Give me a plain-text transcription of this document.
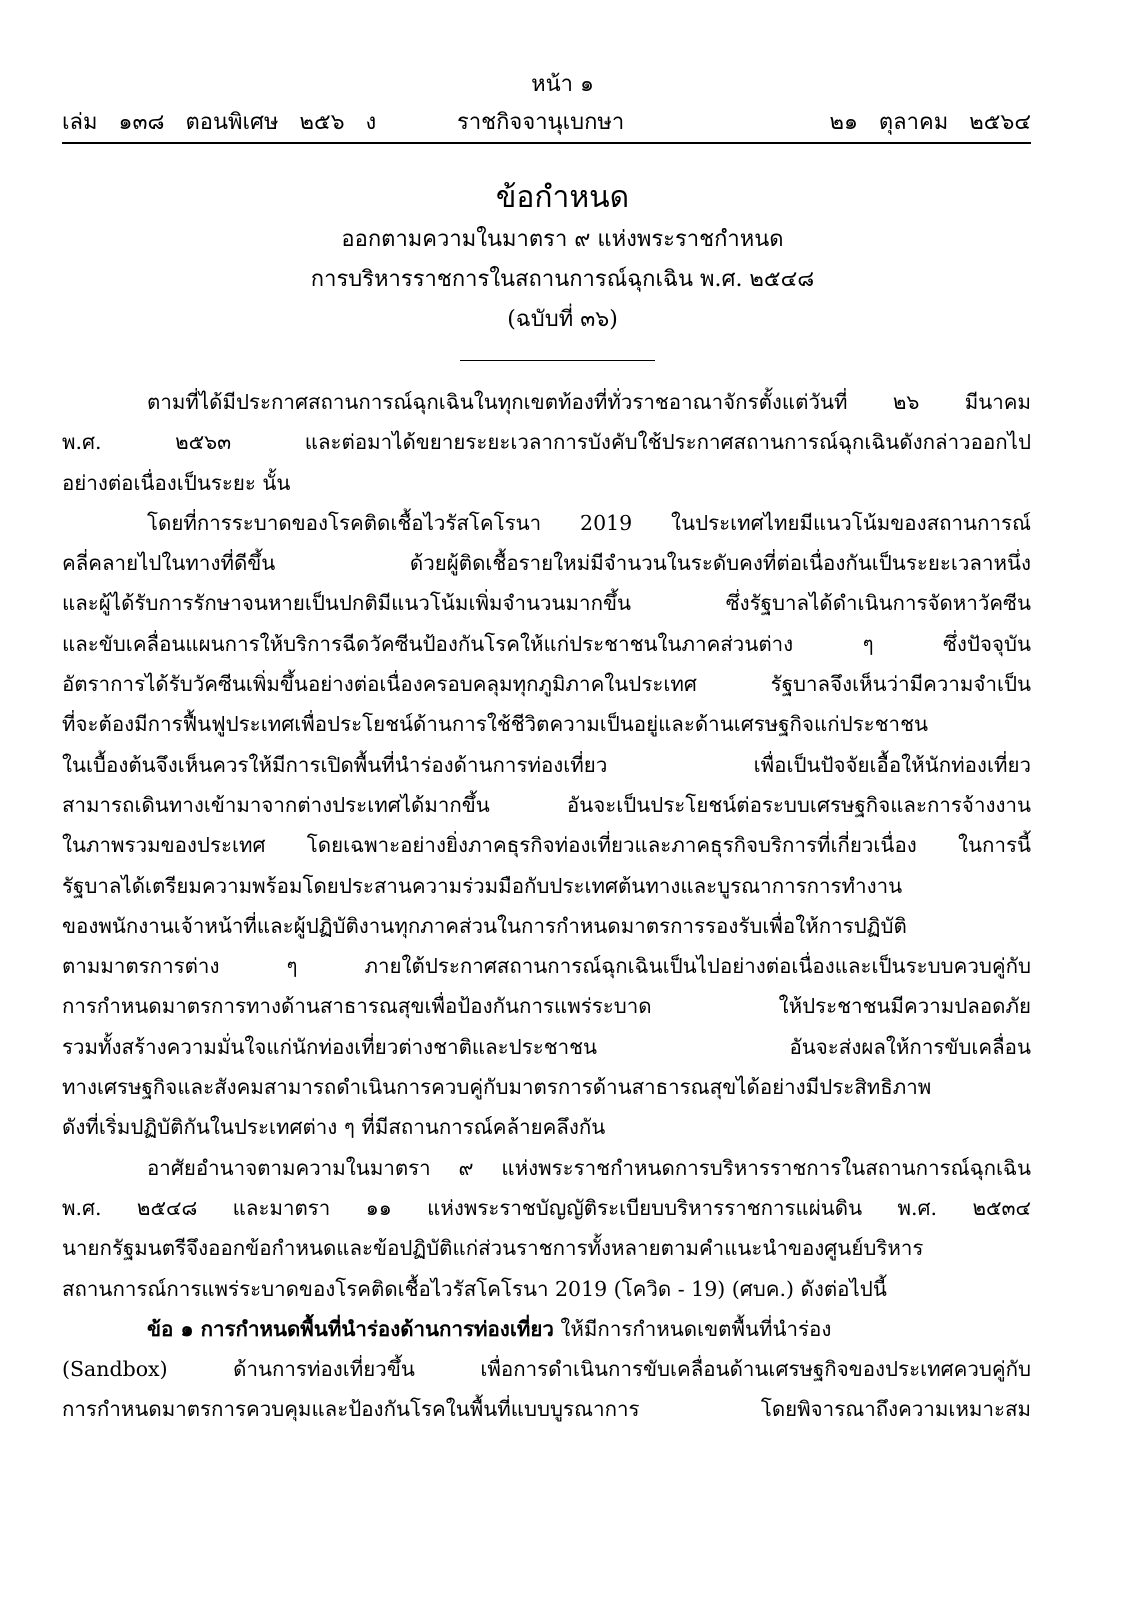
หน้า ๑
เล่ม   ๑๓๘   ตอนพิเศษ   ๒๕๖   ง	ราชกิจจานุเบกษา	๒๑   ตุลาคม   ๒๕๖๔
ข้อกำหนด
ออกตามความในมาตรา ๙ แห่งพระราชกำหนด
การบริหารราชการในสถานการณ์ฉุกเฉิน พ.ศ. ๒๕๔๘
(ฉบับที่ ๓๖)
ตามที่ได้มีประกาศสถานการณ์ฉุกเฉินในทุกเขตท้องที่ทั่วราชอาณาจักรตั้งแต่วันที่ ๒๖ มีนาคม
พ.ศ. ๒๕๖๓ และต่อมาได้ขยายระยะเวลาการบังคับใช้ประกาศสถานการณ์ฉุกเฉินดังกล่าวออกไป
อย่างต่อเนื่องเป็นระยะ นั้น
โดยที่การระบาดของโรคติดเชื้อไวรัสโคโรนา 2019 ในประเทศไทยมีแนวโน้มของสถานการณ์
คลี่คลายไปในทางที่ดีขึ้น ด้วยผู้ติดเชื้อรายใหม่มีจำนวนในระดับคงที่ต่อเนื่องกันเป็นระยะเวลาหนึ่ง
และผู้ได้รับการรักษาจนหายเป็นปกติมีแนวโน้มเพิ่มจำนวนมากขึ้น ซึ่งรัฐบาลได้ดำเนินการจัดหาวัคซีน
และขับเคลื่อนแผนการให้บริการฉีดวัคซีนป้องกันโรคให้แก่ประชาชนในภาคส่วนต่าง ๆ ซึ่งปัจจุบัน
อัตราการได้รับวัคซีนเพิ่มขึ้นอย่างต่อเนื่องครอบคลุมทุกภูมิภาคในประเทศ รัฐบาลจึงเห็นว่ามีความจำเป็น
ที่จะต้องมีการฟื้นฟูประเทศเพื่อประโยชน์ด้านการใช้ชีวิตความเป็นอยู่และด้านเศรษฐกิจแก่ประชาชน
ในเบื้องต้นจึงเห็นควรให้มีการเปิดพื้นที่นำร่องด้านการท่องเที่ยว เพื่อเป็นปัจจัยเอื้อให้นักท่องเที่ยว
สามารถเดินทางเข้ามาจากต่างประเทศได้มากขึ้น อันจะเป็นประโยชน์ต่อระบบเศรษฐกิจและการจ้างงาน
ในภาพรวมของประเทศ โดยเฉพาะอย่างยิ่งภาคธุรกิจท่องเที่ยวและภาคธุรกิจบริการที่เกี่ยวเนื่อง ในการนี้
รัฐบาลได้เตรียมความพร้อมโดยประสานความร่วมมือกับประเทศต้นทางและบูรณาการการทำงาน
ของพนักงานเจ้าหน้าที่และผู้ปฏิบัติงานทุกภาคส่วนในการกำหนดมาตรการรองรับเพื่อให้การปฏิบัติ
ตามมาตรการต่าง ๆ ภายใต้ประกาศสถานการณ์ฉุกเฉินเป็นไปอย่างต่อเนื่องและเป็นระบบควบคู่กับ
การกำหนดมาตรการทางด้านสาธารณสุขเพื่อป้องกันการแพร่ระบาด ให้ประชาชนมีความปลอดภัย
รวมทั้งสร้างความมั่นใจแก่นักท่องเที่ยวต่างชาติและประชาชน อันจะส่งผลให้การขับเคลื่อน
ทางเศรษฐกิจและสังคมสามารถดำเนินการควบคู่กับมาตรการด้านสาธารณสุขได้อย่างมีประสิทธิภาพ
ดังที่เริ่มปฏิบัติกันในประเทศต่าง ๆ ที่มีสถานการณ์คล้ายคลึงกัน
อาศัยอำนาจตามความในมาตรา ๙ แห่งพระราชกำหนดการบริหารราชการในสถานการณ์ฉุกเฉิน
พ.ศ. ๒๕๔๘ และมาตรา ๑๑ แห่งพระราชบัญญัติระเบียบบริหารราชการแผ่นดิน พ.ศ. ๒๕๓๔
นายกรัฐมนตรีจึงออกข้อกำหนดและข้อปฏิบัติแก่ส่วนราชการทั้งหลายตามคำแนะนำของศูนย์บริหาร
สถานการณ์การแพร่ระบาดของโรคติดเชื้อไวรัสโคโรนา 2019 (โควิด - 19) (ศบค.) ดังต่อไปนี้
ข้อ ๑ การกำหนดพื้นที่นำร่องด้านการท่องเที่ยว ให้มีการกำหนดเขตพื้นที่นำร่อง
(Sandbox) ด้านการท่องเที่ยวขึ้น เพื่อการดำเนินการขับเคลื่อนด้านเศรษฐกิจของประเทศควบคู่กับ
การกำหนดมาตรการควบคุมและป้องกันโรคในพื้นที่แบบบูรณาการ โดยพิจารณาถึงความเหมาะสม
